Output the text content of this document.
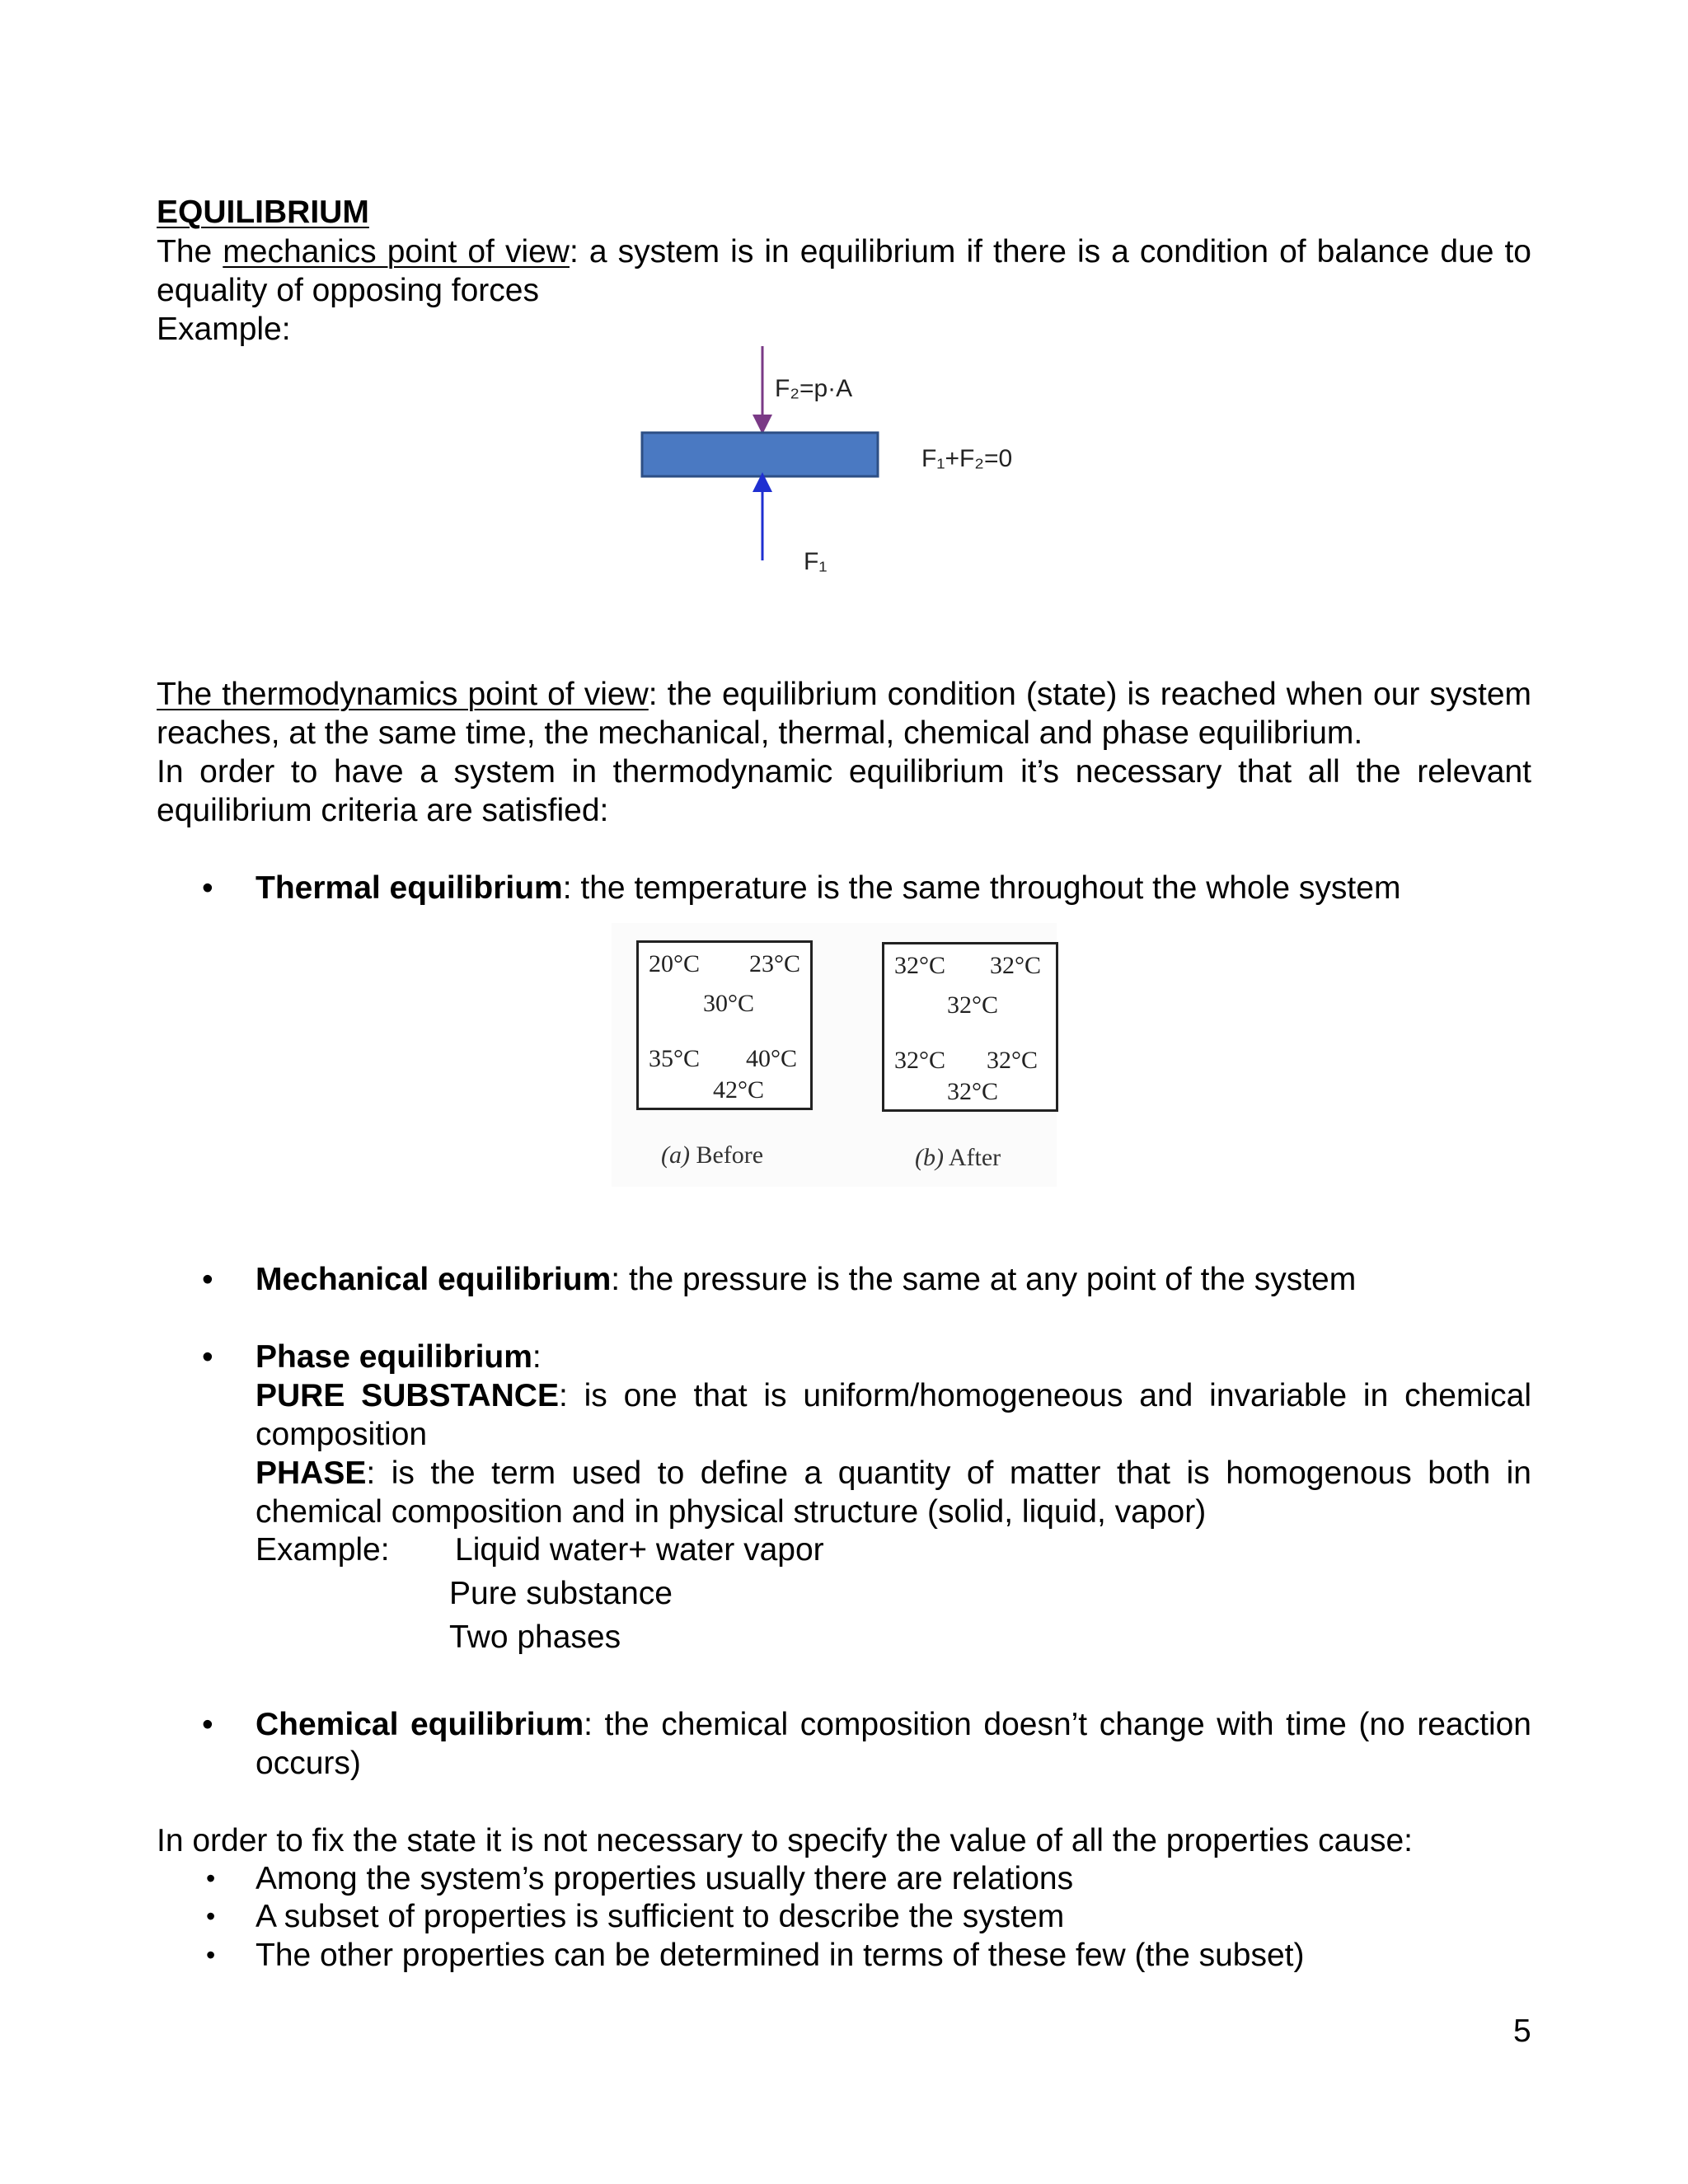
EQUILIBRIUM
The mechanics point of view: a system is in equilibrium if there is a condition of balance due to equality of opposing forces
Example:
F₂=p·A
F₁+F₂=0
F₁
The thermodynamics point of view: the equilibrium condition (state) is reached when our system reaches, at the same time, the mechanical, thermal, chemical and phase equilibrium.
In order to have a system in thermodynamic equilibrium it’s necessary that all the relevant equilibrium criteria are satisfied:
• Thermal equilibrium: the temperature is the same throughout the whole system
20°C 23°C
30°C
35°C 40°C
42°C
32°C 32°C
32°C
32°C 32°C
32°C
(a) Before	(b) After
• Mechanical equilibrium: the pressure is the same at any point of the system
• Phase equilibrium:
PURE SUBSTANCE: is one that is uniform/homogeneous and invariable in chemical composition
PHASE: is the term used to define a quantity of matter that is homogenous both in chemical composition and in physical structure (solid, liquid, vapor)
Example: Liquid water+ water vapor
Pure substance
Two phases
• Chemical equilibrium: the chemical composition doesn’t change with time (no reaction occurs)
In order to fix the state it is not necessary to specify the value of all the properties cause:
• Among the system’s properties usually there are relations
• A subset of properties is sufficient to describe the system
• The other properties can be determined in terms of these few (the subset)
5
